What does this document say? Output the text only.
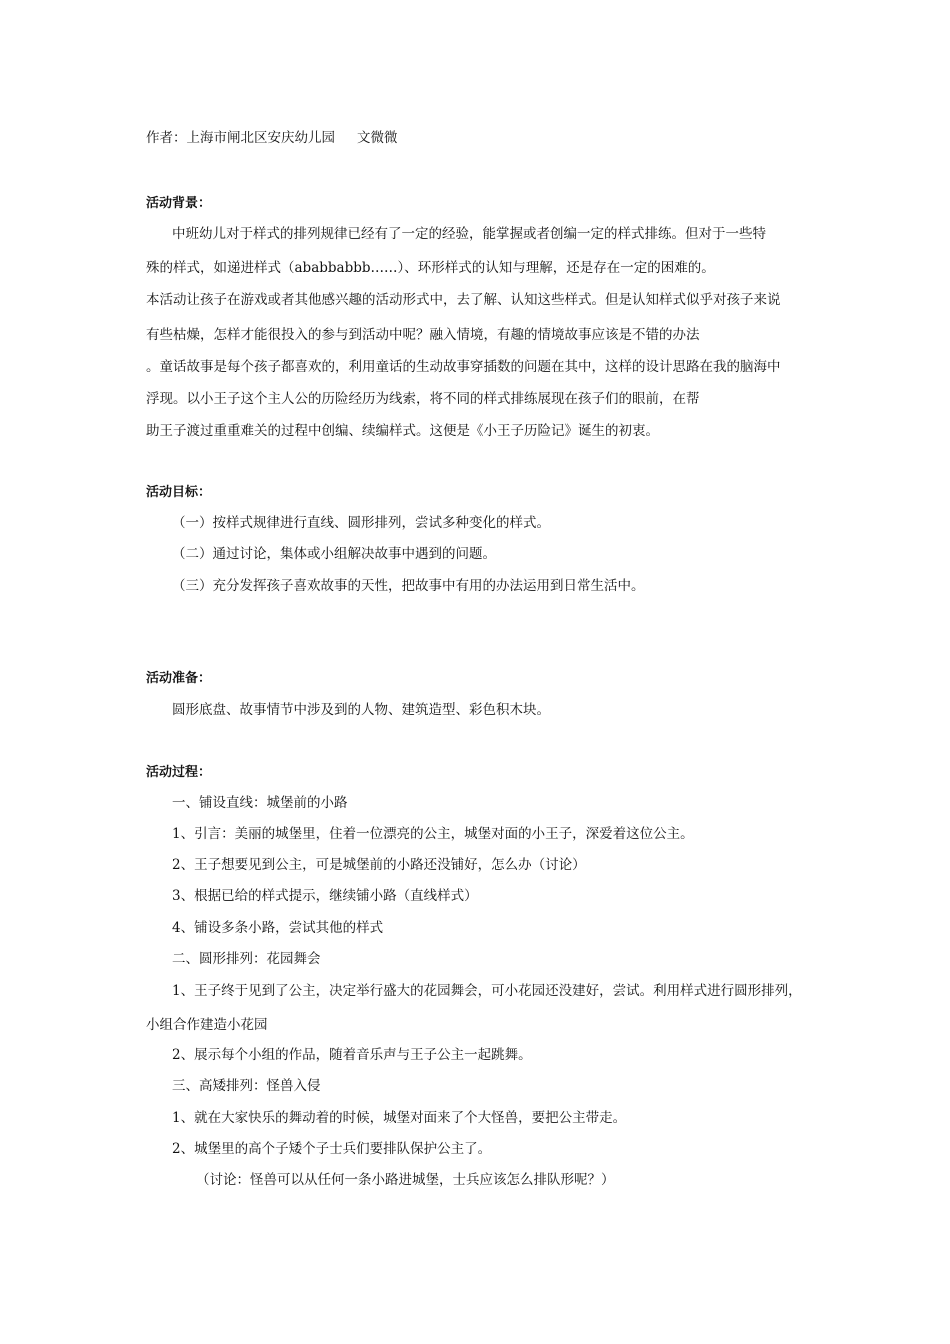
作者：上海市闸北区安庆幼儿园 文微微
活动背景：
中班幼儿对于样式的排列规律已经有了一定的经验，能掌握或者创编一定的样式排练。但对于一些特
殊的样式，如递进样式（ababbabbb……）、环形样式的认知与理解，还是存在一定的困难的。
本活动让孩子在游戏或者其他感兴趣的活动形式中，去了解、认知这些样式。但是认知样式似乎对孩子来说
有些枯燥，怎样才能很投入的参与到活动中呢？融入情境，有趣的情境故事应该是不错的办法
。童话故事是每个孩子都喜欢的，利用童话的生动故事穿插数的问题在其中，这样的设计思路在我的脑海中
浮现。以小王子这个主人公的历险经历为线索，将不同的样式排练展现在孩子们的眼前，在帮
助王子渡过重重难关的过程中创编、续编样式。这便是《小王子历险记》诞生的初衷。
活动目标：
（一）按样式规律进行直线、圆形排列，尝试多种变化的样式。
（二）通过讨论，集体或小组解决故事中遇到的问题。
（三）充分发挥孩子喜欢故事的天性，把故事中有用的办法运用到日常生活中。
活动准备：
圆形底盘、故事情节中涉及到的人物、建筑造型、彩色积木块。
活动过程：
一、铺设直线：城堡前的小路
1、引言：美丽的城堡里，住着一位漂亮的公主，城堡对面的小王子，深爱着这位公主。
2、王子想要见到公主，可是城堡前的小路还没铺好，怎么办（讨论）
3、根据已给的样式提示，继续铺小路（直线样式）
4、铺设多条小路，尝试其他的样式
二、圆形排列：花园舞会
1、王子终于见到了公主，决定举行盛大的花园舞会，可小花园还没建好，尝试。利用样式进行圆形排列，
小组合作建造小花园
2、展示每个小组的作品，随着音乐声与王子公主一起跳舞。
三、高矮排列：怪兽入侵
1、就在大家快乐的舞动着的时候，城堡对面来了个大怪兽，要把公主带走。
2、城堡里的高个子矮个子士兵们要排队保护公主了。
（讨论：怪兽可以从任何一条小路进城堡，士兵应该怎么排队形呢？）
